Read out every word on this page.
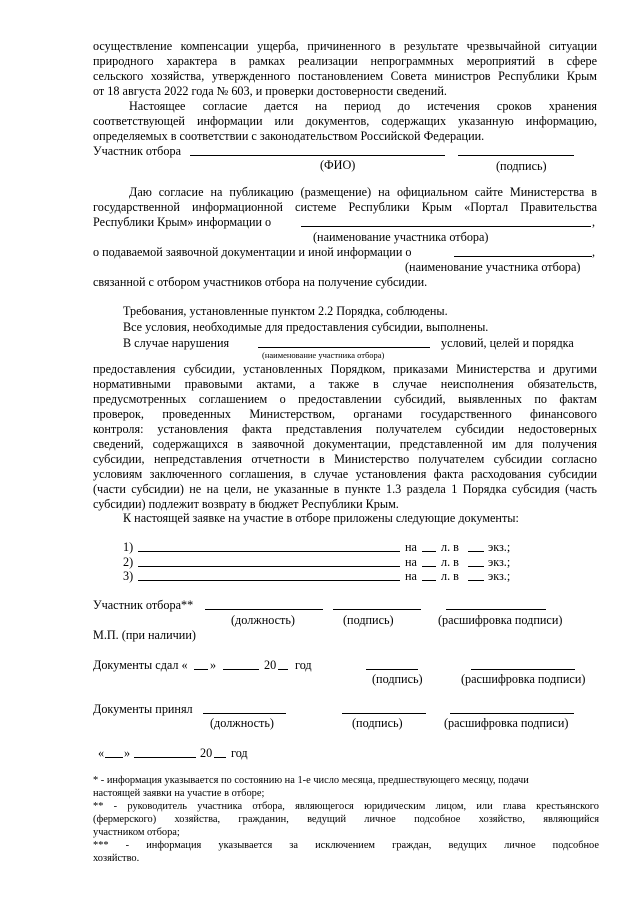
осуществление компенсации ущерба, причиненного в результате чрезвычайной ситуации
природного характера в рамках реализации непрограммных мероприятий в сфере
сельского хозяйства, утвержденного постановлением Совета министров Республики Крым
от 18 августа 2022 года № 603, и проверки достоверности сведений.
Настоящее согласие дается на период до истечения сроков хранения
соответствующей информации или документов, содержащих указанную информацию,
определяемых в соответствии с законодательством Российской Федерации.
Участник отбора
(ФИО)	(подпись)
Даю согласие на публикацию (размещение) на официальном сайте Министерства в
государственной информационной системе Республики Крым «Портал Правительства
Республики Крым» информации о	,
(наименование участника отбора)
о подаваемой заявочной документации и иной информации о	,
(наименование участника отбора)
связанной с отбором участников отбора на получение субсидии.
Требования, установленные пунктом 2.2 Порядка, соблюдены.
Все условия, необходимые для предоставления субсидии, выполнены.
В случае нарушения	условий, целей и порядка
(наименование участника отбора)
предоставления субсидии, установленных Порядком, приказами Министерства и другими
нормативными правовыми актами, а также в случае неисполнения обязательств,
предусмотренных соглашением о предоставлении субсидий, выявленных по фактам
проверок, проведенных Министерством, органами государственного финансового
контроля: установления факта представления получателем субсидии недостоверных
сведений, содержащихся в заявочной документации, представленной им для получения
субсидии, непредставления отчетности в Министерство получателем субсидии согласно
условиям заключенного соглашения, в случае установления факта расходования субсидии
(части субсидии) не на цели, не указанные в пункте 1.3 раздела 1 Порядка субсидия (часть
субсидии) подлежит возврату в бюджет Республики Крым.
К настоящей заявке на участие в отборе приложены следующие документы:
1)	на л. в экз.;
2)	на л. в экз.;
3)	на л. в экз.;
Участник отбора**
(должность)	(подпись)	(расшифровка подписи)
М.П. (при наличии)
Документы сдал « »	20 год
(подпись)	(расшифровка подписи)
Документы принял
(должность)	(подпись)	(расшифровка подписи)
« »	20 год
* - информация указывается по состоянию на 1-е число месяца, предшествующего месяцу, подачи
настоящей заявки на участие в отборе;
** - руководитель участника отбора, являющегося юридическим лицом, или глава крестьянского
(фермерского) хозяйства, гражданин, ведущий личное подсобное хозяйство, являющийся
участником отбора;
*** - информация указывается за исключением граждан, ведущих личное подсобное
хозяйство.
